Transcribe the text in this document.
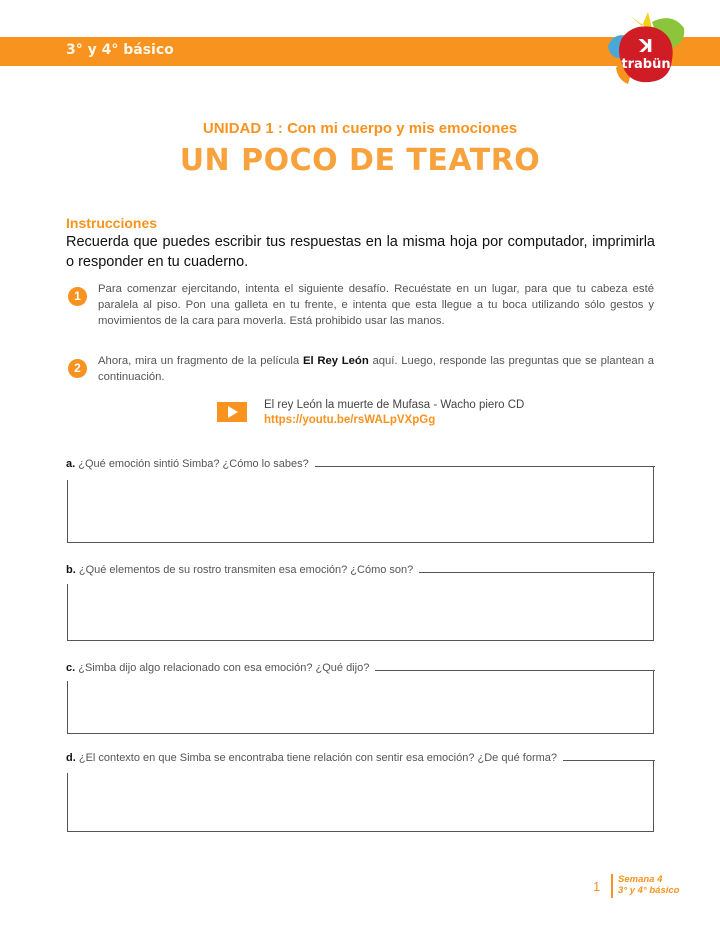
3° y 4° básico	ꓘ
trabün
UNIDAD 1 : Con mi cuerpo y mis emociones
UN POCO DE TEATRO
Instrucciones
Recuerda que puedes escribir tus respuestas en la misma hoja por computador, imprimirla o responder en tu cuaderno.
1	Para comenzar ejercitando, intenta el siguiente desafío. Recuéstate en un lugar, para que tu cabeza esté paralela al piso. Pon una galleta en tu frente, e intenta que esta llegue a tu boca utilizando sólo gestos y movimientos de la cara para moverla. Está prohibido usar las manos.
2	Ahora, mira un fragmento de la película El Rey León aquí. Luego, responde las preguntas que se plantean a continuación.
El rey León la muerte de Mufasa - Wacho piero CD
https://youtu.be/rsWALpVXpGg
a. ¿Qué emoción sintió Simba? ¿Cómo lo sabes?
b. ¿Qué elementos de su rostro transmiten esa emoción? ¿Cómo son?
c. ¿Simba dijo algo relacionado con esa emoción? ¿Qué dijo?
d. ¿El contexto en que Simba se encontraba tiene relación con sentir esa emoción? ¿De qué forma?
1 Semana 4
3° y 4° básico
